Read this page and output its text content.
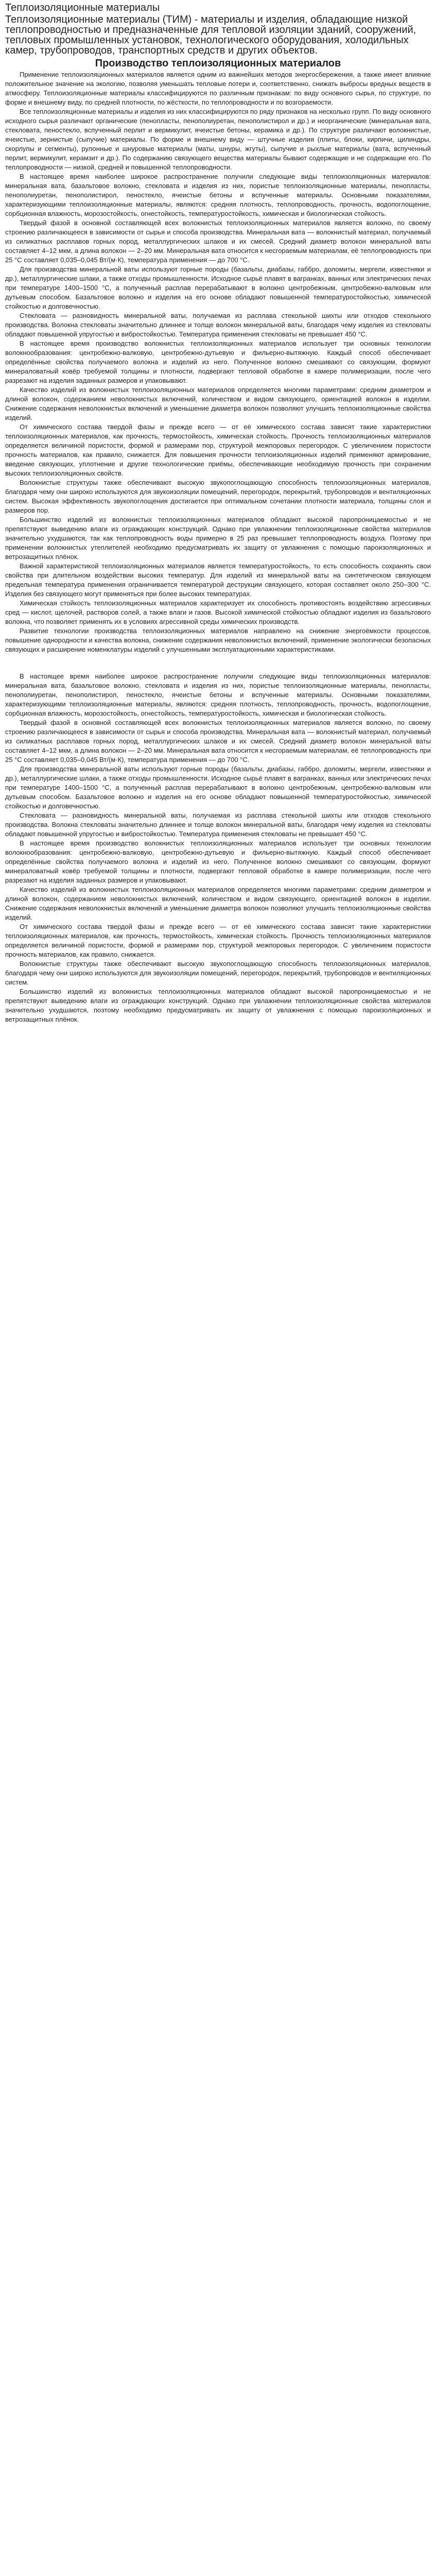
Теплоизоляционные материалы

Теплоизоляционные материалы (ТИМ) - материалы и изделия, обладающие низкой теплопроводностью и предназначенные для тепловой изоляции зданий, сооружений, тепловых промышленных установок, технологического оборудования, холодильных камер, трубопроводов, транспортных средств и других объектов.

Производство теплоизоляционных материалов

Применение теплоизоляционных материалов является одним из важнейших методов энергосбережения, а также имеет влияние положительное значение на экологию, позволяя уменьшать тепловые потери и, соответственно, снижать выбросы вредных веществ в атмосферу. Теплоизоляционные материалы классифицируются по различным признакам: по виду основного сырья, по структуре, по форме и внешнему виду, по средней плотности, по жёсткости, по теплопроводности и по возгораемости.

Все теплоизоляционные материалы и изделия из них классифицируются по ряду признаков на несколько групп. По виду основного исходного сырья различают органические (пенопласты, пенополиуретан, пенополистирол и др.) и неорганические (минеральная вата, стекловата, пеностекло, вспученный перлит и вермикулит, ячеистые бетоны, керамика и др.). По структуре различают волокнистые, ячеистые, зернистые (сыпучие) материалы. По форме и внешнему виду — штучные изделия (плиты, блоки, кирпичи, цилиндры, скорлупы и сегменты), рулонные и шнуровые материалы (маты, шнуры, жгуты), сыпучие и рыхлые материалы (вата, вспученный перлит, вермикулит, керамзит и др.). По содержанию связующего вещества материалы бывают содержащие и не содержащие его. По теплопроводности — низкой, средней и повышенной теплопроводности.

В настоящее время наиболее широкое распространение получили следующие виды теплоизоляционных материалов: минеральная вата, базальтовое волокно, стекловата и изделия из них, пористые теплоизоляционные материалы, пенопласты, пенополиуретан, пенополистирол, пеностекло, ячеистые бетоны и вспученные материалы. Основными показателями, характеризующими теплоизоляционные материалы, являются: средняя плотность, теплопроводность, прочность, водопоглощение, сорбционная влажность, морозостойкость, огнестойкость, температуростойкость, химическая и биологическая стойкость.

Твердый фазой в основной составляющей всех волокнистых теплоизоляционных материалов является волокно, по своему строению различающееся в зависимости от сырья и способа производства. Минеральная вата — волокнистый материал, получаемый из силикатных расплавов горных пород, металлургических шлаков и их смесей. Средний диаметр волокон минеральной ваты составляет 4–12 мкм, а длина волокон — 2–20 мм. Минеральная вата относится к несгораемым материалам, её теплопроводность при 25 °С составляет 0,035–0,045 Вт/(м·К), температура применения — до 700 °С.

Для производства минеральной ваты используют горные породы (базальты, диабазы, габбро, доломиты, мергели, известняки и др.), металлургические шлаки, а также отходы промышленности. Исходное сырьё плавят в вагранках, ванных или электрических печах при температуре 1400–1500 °С, а полученный расплав перерабатывают в волокно центробежным, центробежно-валковым или дутьевым способом. Базальтовое волокно и изделия на его основе обладают повышенной температуростойкостью, химической стойкостью и долговечностью.

Стекловата — разновидность минеральной ваты, получаемая из расплава стекольной шихты или отходов стекольного производства. Волокна стекловаты значительно длиннее и толще волокон минеральной ваты, благодаря чему изделия из стекловаты обладают повышенной упругостью и вибростойкостью. Температура применения стекловаты не превышает 450 °С.

В настоящее время производство волокнистых теплоизоляционных материалов использует три основных технологии волокнообразования: центробежно-валковую, центробежно-дутьевую и фильерно-вытяжную. Каждый способ обеспечивает определённые свойства получаемого волокна и изделий из него. Полученное волокно смешивают со связующим, формуют минераловатный ковёр требуемой толщины и плотности, подвергают тепловой обработке в камере полимеризации, после чего разрезают на изделия заданных размеров и упаковывают.

Качество изделий из волокнистых теплоизоляционных материалов определяется многими параметрами: средним диаметром и длиной волокон, содержанием неволокнистых включений, количеством и видом связующего, ориентацией волокон в изделии. Снижение содержания неволокнистых включений и уменьшение диаметра волокон позволяют улучшить теплоизоляционные свойства изделий.

От химического состава твердой фазы и прежде всего — от её химического состава зависят такие характеристики теплоизоляционных материалов, как прочность, термостойкость, химическая стойкость. Прочность теплоизоляционных материалов определяется величиной пористости, формой и размерами пор, структурой межпоровых перегородок. С увеличением пористости прочность материалов, как правило, снижается. Для повышения прочности теплоизоляционных изделий применяют армирование, введение связующих, уплотнение и другие технологические приёмы, обеспечивающие необходимую прочность при сохранении высоких теплоизоляционных свойств.

Волокнистые структуры также обеспечивают высокую звукопоглощающую способность теплоизоляционных материалов, благодаря чему они широко используются для звукоизоляции помещений, перегородок, перекрытий, трубопроводов и вентиляционных систем. Высокая эффективность звукопоглощения достигается при оптимальном сочетании плотности материала, толщины слоя и размеров пор.

Большинство изделий из волокнистых теплоизоляционных материалов обладают высокой паропроницаемостью и не препятствуют выведению влаги из ограждающих конструкций. Однако при увлажнении теплоизоляционные свойства материалов значительно ухудшаются, так как теплопроводность воды примерно в 25 раз превышает теплопроводность воздуха. Поэтому при применении волокнистых утеплителей необходимо предусматривать их защиту от увлажнения с помощью пароизоляционных и ветрозащитных плёнок.

Важной характеристикой теплоизоляционных материалов является температуростойкость, то есть способность сохранять свои свойства при длительном воздействии высоких температур. Для изделий из минеральной ваты на синтетическом связующем предельная температура применения ограничивается температурой деструкции связующего, которая составляет около 250–300 °С. Изделия без связующего могут применяться при более высоких температурах.

Химическая стойкость теплоизоляционных материалов характеризует их способность противостоять воздействию агрессивных сред — кислот, щелочей, растворов солей, а также влаги и газов. Высокой химической стойкостью обладают изделия из базальтового волокна, что позволяет применять их в условиях агрессивной среды химических производств.

Развитие технологии производства теплоизоляционных материалов направлено на снижение энергоёмкости процессов, повышение однородности и качества волокна, снижение содержания неволокнистых включений, применение экологически безопасных связующих и расширение номенклатуры изделий с улучшенными эксплуатационными характеристиками.

В настоящее время наиболее широкое распространение получили следующие виды теплоизоляционных материалов: минеральная вата, базальтовое волокно, стекловата и изделия из них, пористые теплоизоляционные материалы, пенопласты, пенополиуретан, пенополистирол, пеностекло, ячеистые бетоны и вспученные материалы. Основными показателями, характеризующими теплоизоляционные материалы, являются: средняя плотность, теплопроводность, прочность, водопоглощение, сорбционная влажность, морозостойкость, огнестойкость, температуростойкость, химическая и биологическая стойкость.

Твердый фазой в основной составляющей всех волокнистых теплоизоляционных материалов является волокно, по своему строению различающееся в зависимости от сырья и способа производства. Минеральная вата — волокнистый материал, получаемый из силикатных расплавов горных пород, металлургических шлаков и их смесей. Средний диаметр волокон минеральной ваты составляет 4–12 мкм, а длина волокон — 2–20 мм. Минеральная вата относится к несгораемым материалам, её теплопроводность при 25 °С составляет 0,035–0,045 Вт/(м·К), температура применения — до 700 °С.

Для производства минеральной ваты используют горные породы (базальты, диабазы, габбро, доломиты, мергели, известняки и др.), металлургические шлаки, а также отходы промышленности. Исходное сырьё плавят в вагранках, ванных или электрических печах при температуре 1400–1500 °С, а полученный расплав перерабатывают в волокно центробежным, центробежно-валковым или дутьевым способом. Базальтовое волокно и изделия на его основе обладают повышенной температуростойкостью, химической стойкостью и долговечностью.

Стекловата — разновидность минеральной ваты, получаемая из расплава стекольной шихты или отходов стекольного производства. Волокна стекловаты значительно длиннее и толще волокон минеральной ваты, благодаря чему изделия из стекловаты обладают повышенной упругостью и вибростойкостью. Температура применения стекловаты не превышает 450 °С.

В настоящее время производство волокнистых теплоизоляционных материалов использует три основных технологии волокнообразования: центробежно-валковую, центробежно-дутьевую и фильерно-вытяжную. Каждый способ обеспечивает определённые свойства получаемого волокна и изделий из него. Полученное волокно смешивают со связующим, формуют минераловатный ковёр требуемой толщины и плотности, подвергают тепловой обработке в камере полимеризации, после чего разрезают на изделия заданных размеров и упаковывают.

Качество изделий из волокнистых теплоизоляционных материалов определяется многими параметрами: средним диаметром и длиной волокон, содержанием неволокнистых включений, количеством и видом связующего, ориентацией волокон в изделии. Снижение содержания неволокнистых включений и уменьшение диаметра волокон позволяют улучшить теплоизоляционные свойства изделий.

От химического состава твердой фазы и прежде всего — от её химического состава зависят такие характеристики теплоизоляционных материалов, как прочность, термостойкость, химическая стойкость. Прочность теплоизоляционных материалов определяется величиной пористости, формой и размерами пор, структурой межпоровых перегородок. С увеличением пористости прочность материалов, как правило, снижается.

Волокнистые структуры также обеспечивают высокую звукопоглощающую способность теплоизоляционных материалов, благодаря чему они широко используются для звукоизоляции помещений, перегородок, перекрытий, трубопроводов и вентиляционных систем.

Большинство изделий из волокнистых теплоизоляционных материалов обладают высокой паропроницаемостью и не препятствуют выведению влаги из ограждающих конструкций. Однако при увлажнении теплоизоляционные свойства материалов значительно ухудшаются, поэтому необходимо предусматривать их защиту от увлажнения с помощью пароизоляционных и ветрозащитных плёнок.
